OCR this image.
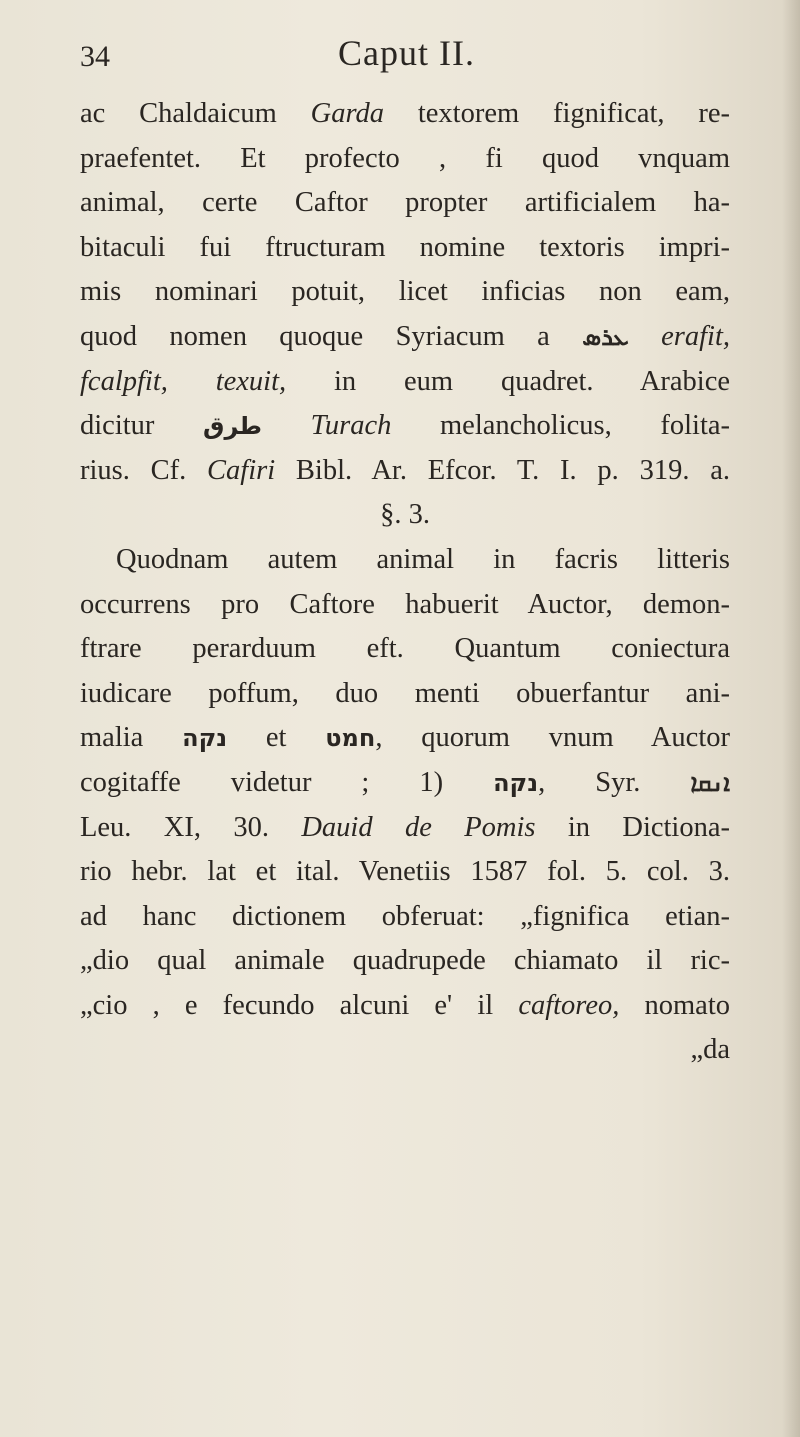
34	Caput II.
ac Chaldaicum Garda textorem fignificat, re-
praefentet. Et profecto , fi quod vnquam
animal, certe Caftor propter artificialem ha-
bitaculi fui ftructuram nomine textoris impri-
mis nominari potuit, licet inficias non eam,
quod nomen quoque Syriacum a ܥܪܣ erafit,
fcalpfit, texuit, in eum quadret. Arabice
dicitur طرق Turach melancholicus, folita-
rius. Cf. Cafiri Bibl. Ar. Efcor. T. I. p. 319. a.
§. 3.
Quodnam autem animal in facris litteris
occurrens pro Caftore habuerit Auctor, demon-
ftrare perarduum eft. Quantum coniectura
iudicare poffum, duo menti obuerfantur ani-
malia נקה et חמט, quorum vnum Auctor
cogitaffe videtur ; 1) נקה, Syr. ܐܢܩܐ
Leu. XI, 30. Dauid de Pomis in Dictiona-
rio hebr. lat et ital. Venetiis 1587 fol. 5. col. 3.
ad hanc dictionem obferuat: „fignifica etian-
„dio qual animale quadrupede chiamato il ric-
„cio , e fecundo alcuni e' il caftoreo, nomato
„da
